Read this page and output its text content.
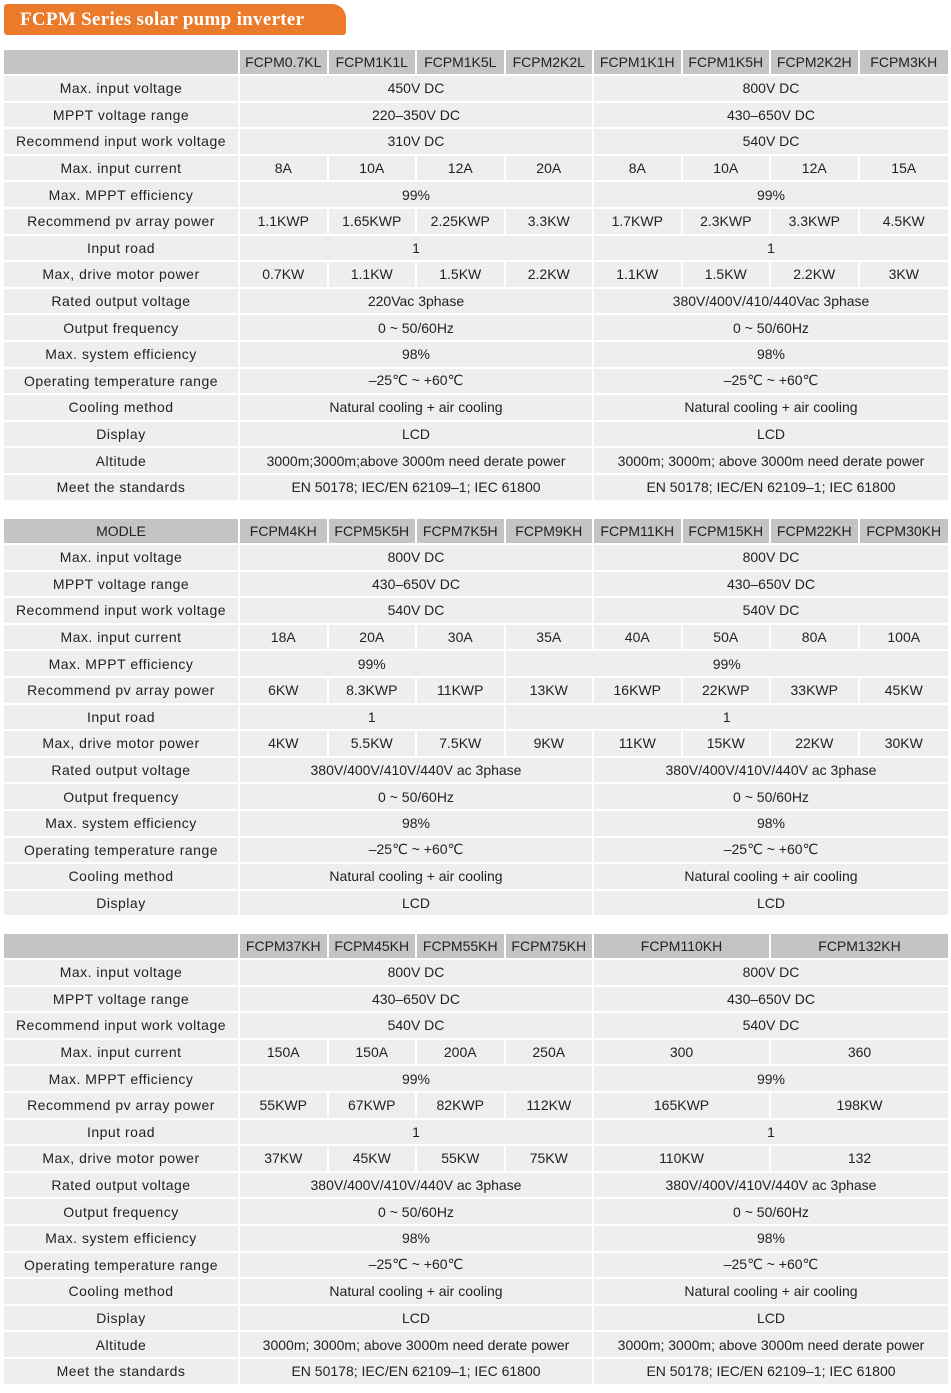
FCPM Series solar pump inverter
	FCPM0.7KL	FCPM1K1L	FCPM1K5L	FCPM2K2L	FCPM1K1H	FCPM1K5H	FCPM2K2H	FCPM3KH
Max. input voltage	450V DC				800V DC			
MPPT voltage range	220–350V DC				430–650V DC			
Recommend input work voltage	310V DC				540V DC			
Max. input current	8A	10A	12A	20A	8A	10A	12A	15A
Max. MPPT efficiency	99%				99%			
Recommend pv array power	1.1KWP	1.65KWP	2.25KWP	3.3KW	1.7KWP	2.3KWP	3.3KWP	4.5KW
Input road	1				1			
Max, drive motor power	0.7KW	1.1KW	1.5KW	2.2KW	1.1KW	1.5KW	2.2KW	3KW
Rated output voltage	220Vac 3phase				380V/400V/410/440Vac 3phase			
Output frequency	0 ~ 50/60Hz				0 ~ 50/60Hz			
Max. system efficiency	98%				98%			
Operating temperature range	–25℃ ~ +60℃				–25℃ ~ +60℃			
Cooling method	Natural cooling + air cooling				Natural cooling + air cooling			
Display	LCD				LCD			
Altitude	3000m;3000m;above 3000m need derate power				3000m; 3000m; above 3000m need derate power			
Meet the standards	EN 50178; IEC/EN 62109–1; IEC 61800				EN 50178; IEC/EN 62109–1; IEC 61800			
MODLE	FCPM4KH	FCPM5K5H	FCPM7K5H	FCPM9KH	FCPM11KH	FCPM15KH	FCPM22KH	FCPM30KH
Max. input voltage	800V DC				800V DC			
MPPT voltage range	430–650V DC				430–650V DC			
Recommend input work voltage	540V DC				540V DC			
Max. input current	18A	20A	30A	35A	40A	50A	80A	100A
Max. MPPT efficiency	99%			99%				
Recommend pv array power	6KW	8.3KWP	11KWP	13KW	16KWP	22KWP	33KWP	45KW
Input road	1			1				
Max, drive motor power	4KW	5.5KW	7.5KW	9KW	11KW	15KW	22KW	30KW
Rated output voltage	380V/400V/410V/440V ac 3phase				380V/400V/410V/440V ac 3phase			
Output frequency	0 ~ 50/60Hz				0 ~ 50/60Hz			
Max. system efficiency	98%				98%			
Operating temperature range	–25℃ ~ +60℃				–25℃ ~ +60℃			
Cooling method	Natural cooling + air cooling				Natural cooling + air cooling			
Display	LCD				LCD			
	FCPM37KH	FCPM45KH	FCPM55KH	FCPM75KH	FCPM110KH	FCPM132KH
Max. input voltage	800V DC				800V DC	
MPPT voltage range	430–650V DC				430–650V DC	
Recommend input work voltage	540V DC				540V DC	
Max. input current	150A	150A	200A	250A	300	360
Max. MPPT efficiency	99%				99%	
Recommend pv array power	55KWP	67KWP	82KWP	112KW	165KWP	198KW
Input road	1				1	
Max, drive motor power	37KW	45KW	55KW	75KW	110KW	132
Rated output voltage	380V/400V/410V/440V ac 3phase				380V/400V/410V/440V ac 3phase	
Output frequency	0 ~ 50/60Hz				0 ~ 50/60Hz	
Max. system efficiency	98%				98%	
Operating temperature range	–25℃ ~ +60℃				–25℃ ~ +60℃	
Cooling method	Natural cooling + air cooling				Natural cooling + air cooling	
Display	LCD				LCD	
Altitude	3000m; 3000m; above 3000m need derate power				3000m; 3000m; above 3000m need derate power	
Meet the standards	EN 50178; IEC/EN 62109–1; IEC 61800				EN 50178; IEC/EN 62109–1; IEC 61800	
